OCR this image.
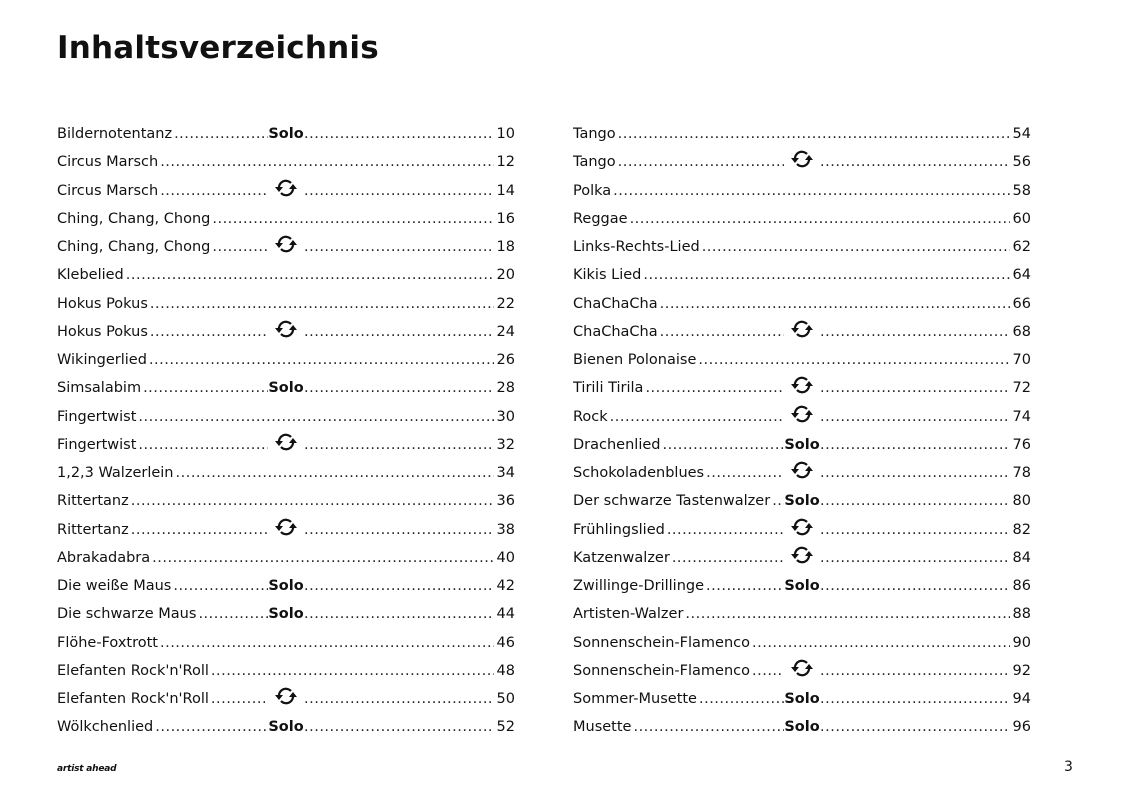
Inhaltsverzeichnis
Bildernotentanz .....	Solo .....	10
Circus Marsch .....	12
Circus Marsch ..... .....	14
Ching, Chang, Chong .....	16
Ching, Chang, Chong ..... .....	18
Klebelied .....	20
Hokus Pokus .....	22
Hokus Pokus ..... .....	24
Wikingerlied .....	26
Simsalabim .....	Solo .....	28
Fingertwist .....	30
Fingertwist ..... .....	32
1,2,3 Walzerlein .....	34
Rittertanz .....	36
Rittertanz ..... .....	38
Abrakadabra .....	40
Die weiße Maus .....	Solo .....	42
Die schwarze Maus .....	Solo .....	44
Flöhe-Foxtrott .....	46
Elefanten Rock'n'Roll .....	48
Elefanten Rock'n'Roll ..... .....	50
Wölkchenlied .....	Solo .....	52
Tango .....	54
Tango ..... .....	56
Polka .....	58
Reggae .....	60
Links-Rechts-Lied .....	62
Kikis Lied .....	64
ChaChaCha .....	66
ChaChaCha ..... .....	68
Bienen Polonaise .....	70
Tirili Tirila ..... .....	72
Rock ..... .....	74
Drachenlied .....	Solo .....	76
Schokoladenblues ..... .....	78
Der schwarze Tastenwalzer ..... Solo .....	80
Frühlingslied ..... .....	82
Katzenwalzer ..... .....	84
Zwillinge-Drillinge .....	Solo .....	86
Artisten-Walzer .....	88
Sonnenschein-Flamenco .....	90
Sonnenschein-Flamenco ..... .....	92
Sommer-Musette .....	Solo .....	94
Musette .....	Solo .....	96
artist ahead	3
